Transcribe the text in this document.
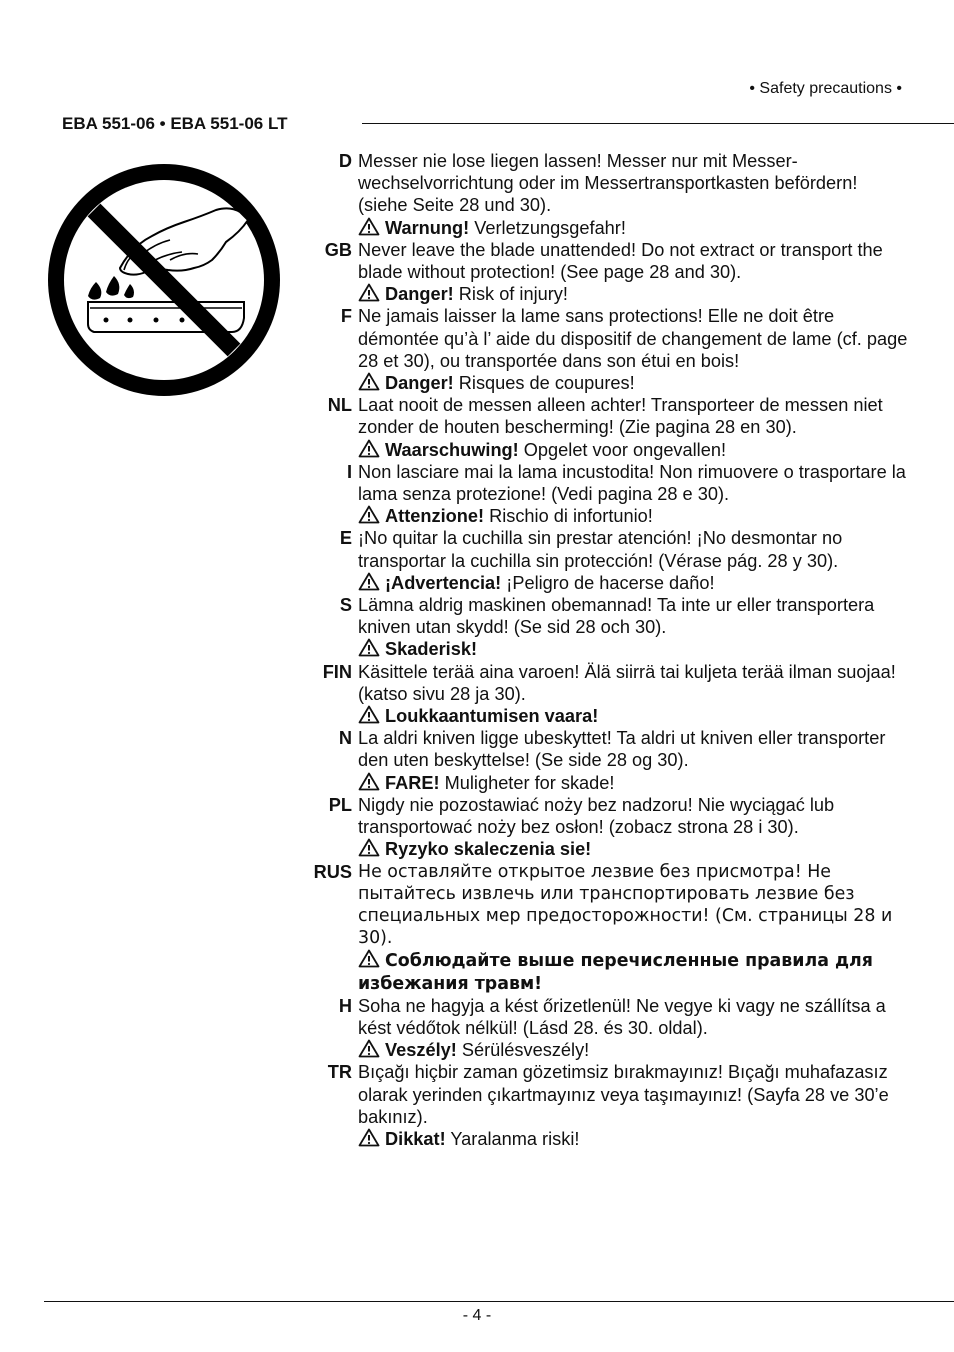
• Safety precautions •
EBA 551-06 • EBA 551-06 LT
D Messer nie lose liegen lassen! Messer nur mit Messer-wechselvorrichtung oder im Messertransportkasten befördern! (siehe Seite 28 und 30).
Warnung! Verletzungsgefahr!
GB Never leave the blade unattended! Do not extract or transport the blade without protection! (See page 28 and 30).
Danger! Risk of injury!
F Ne jamais laisser la lame sans protections! Elle ne doit être démontée qu’à l’ aide du dispositif de changement de lame (cf. page 28 et 30), ou transportée dans son étui en bois!
Danger! Risques de coupures!
NL Laat nooit de messen alleen achter! Transporteer de messen niet zonder de houten bescherming! (Zie pagina 28 en 30).
Waarschuwing! Opgelet voor ongevallen!
I Non lasciare mai la lama incustodita! Non rimuovere o trasportare la lama senza protezione! (Vedi pagina 28 e 30).
Attenzione! Rischio di infortunio!
E ¡No quitar la cuchilla sin prestar atención! ¡No desmontar no transportar la cuchilla sin protección! (Vérase pág. 28 y 30).
¡Advertencia! ¡Peligro de hacerse daño!
S Lämna aldrig maskinen obemannad! Ta inte ur eller transportera kniven utan skydd! (Se sid 28 och 30).
Skaderisk!
FIN Käsittele terää aina varoen! Älä siirrä tai kuljeta terää ilman suojaa! (katso sivu 28 ja 30).
Loukkaantumisen vaara!
N La aldri kniven ligge ubeskyttet! Ta aldri ut kniven eller transporter den uten beskyttelse! (Se side 28 og 30).
FARE! Muligheter for skade!
PL Nigdy nie pozostawiać noży bez nadzoru! Nie wyciągać lub transportować noży bez osłon! (zobacz strona 28 i 30).
Ryzyko skaleczenia sie!
RUS Не оставляйте открытое лезвие без присмотра! Не пытайтесь извлечь или транспортировать лезвие без специальных мер предосторожности! (См. страницы 28 и 30).
Соблюдайте выше перечисленные правила для избежания травм!
H Soha ne hagyja a kést őrizetlenül! Ne vegye ki vagy ne szállítsa a kést védőtok nélkül! (Lásd 28. és 30. oldal).
Veszély! Sérülésveszély!
TR Bıçağı hiçbir zaman gözetimsiz bırakmayınız! Bıçağı muhafazasız olarak yerinden çıkartmayınız veya taşımayınız! (Sayfa 28 ve 30’e bakınız).
Dikkat! Yaralanma riski!
- 4 -
